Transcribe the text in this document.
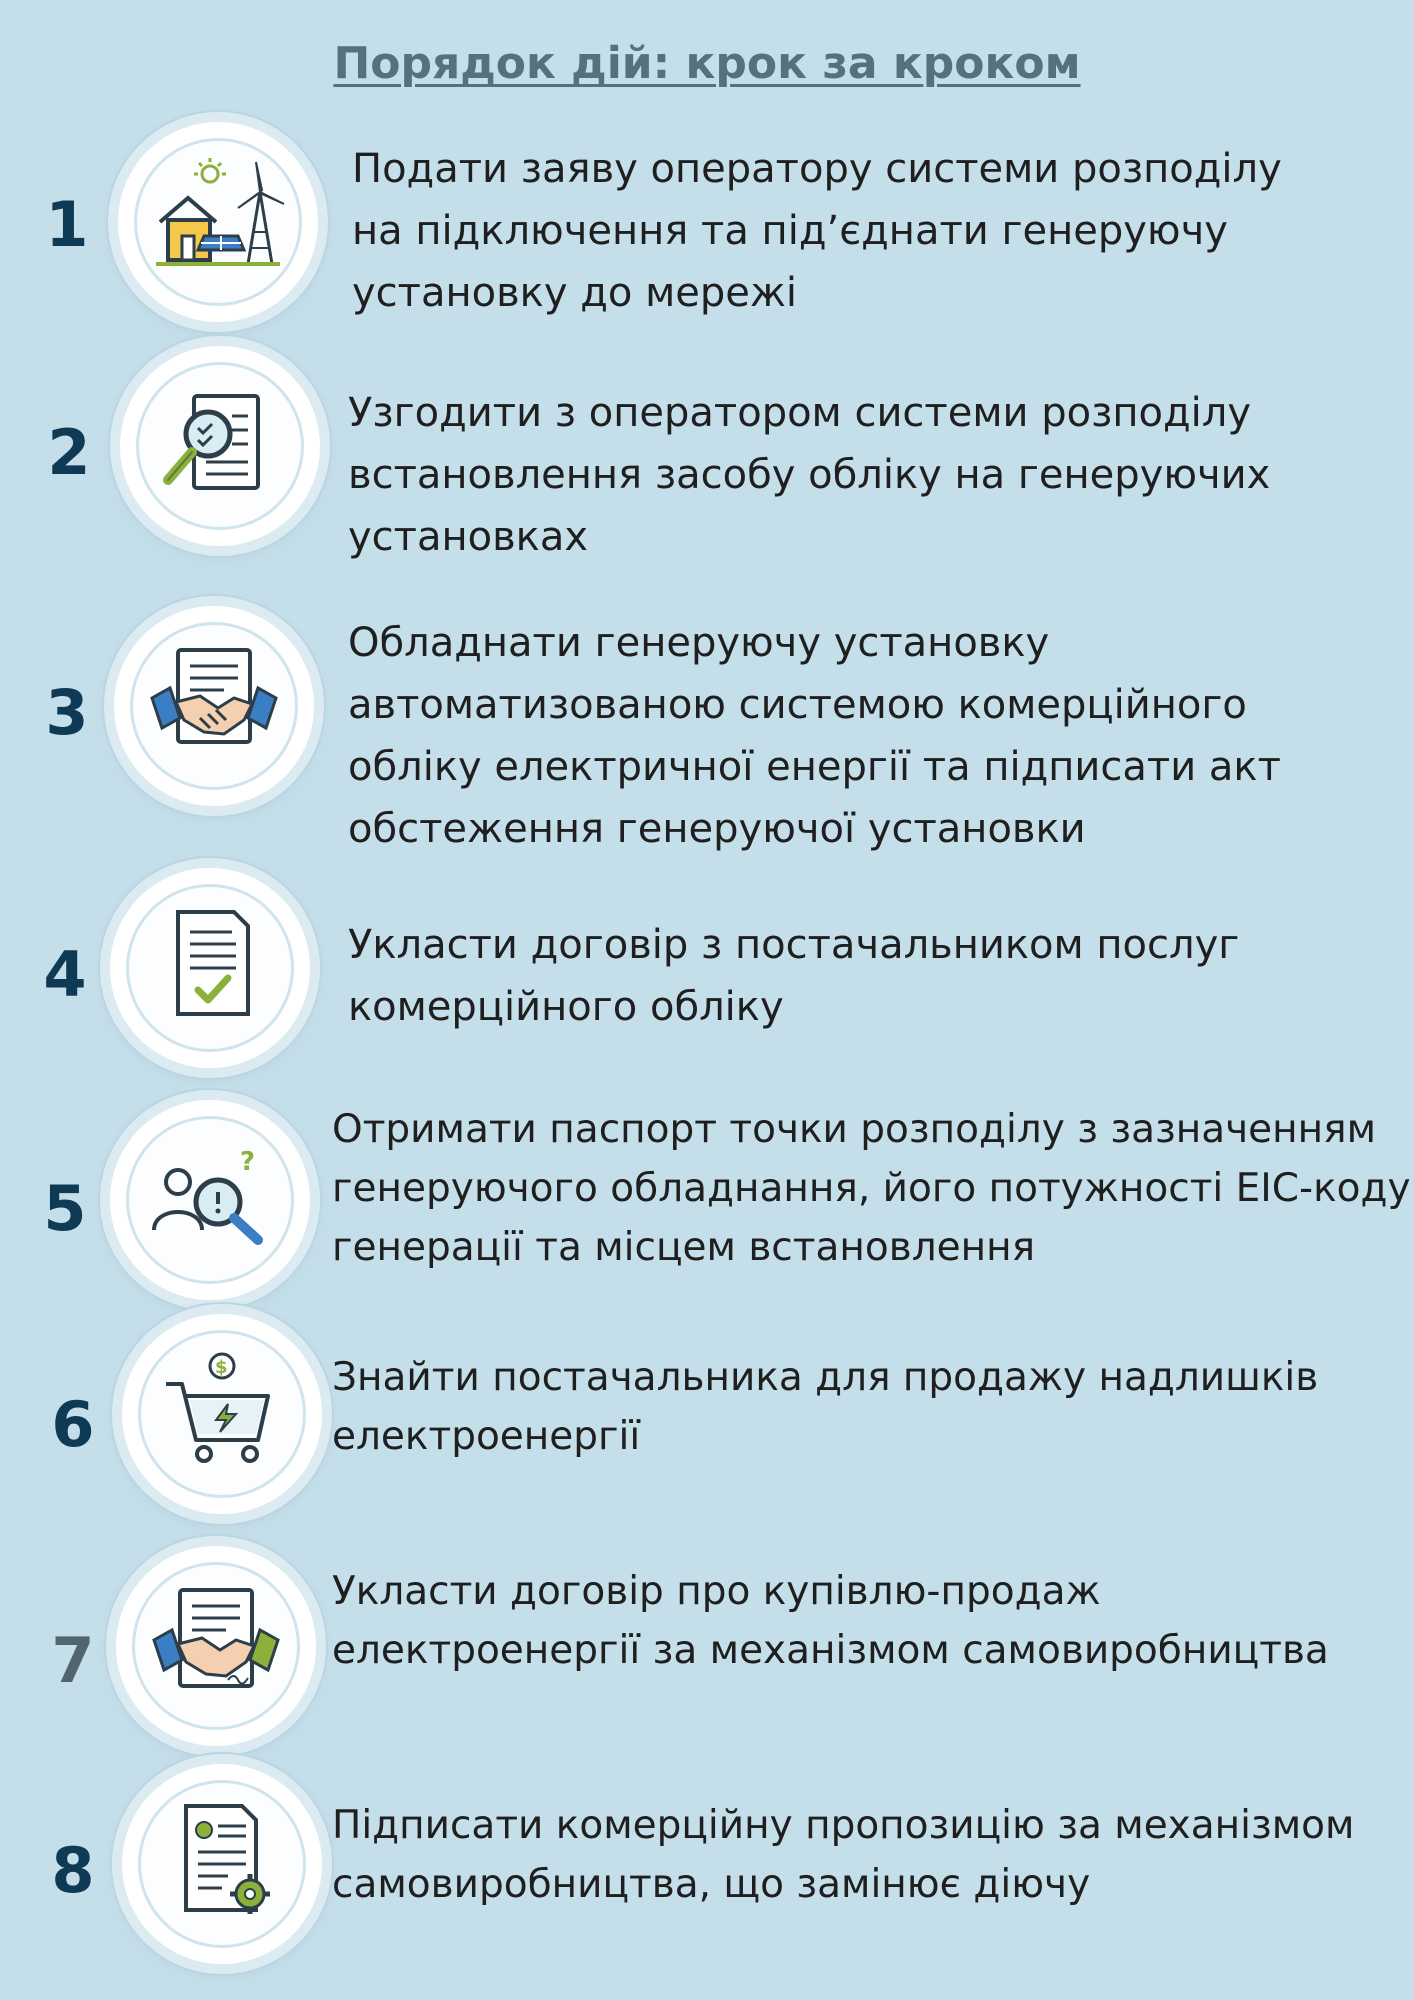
Порядок дій: крок за кроком
1
Подати заяву оператору системи розподілу
на підключення та під’єднати генеруючу
установку до мережі
2
Узгодити з оператором системи розподілу
встановлення засобу обліку на генеруючих
установках
3
Обладнати генеруючу установку
автоматизованою системою комерційного
обліку електричної енергії та підписати акт
обстеження генеруючої установки
4	Укласти договір з постачальником послуг
комерційного обліку
5
?
Отримати паспорт точки розподілу з зазначенням
генеруючого обладнання, його потужності EIC-коду
генерації та місцем встановлення
6
$	Знайти постачальника для продажу надлишків
електроенергії
7
Укласти договір про купівлю-продаж
електроенергії за механізмом самовиробництва
8
Підписати комерційну пропозицію за механізмом
самовиробництва, що замінює діючу
